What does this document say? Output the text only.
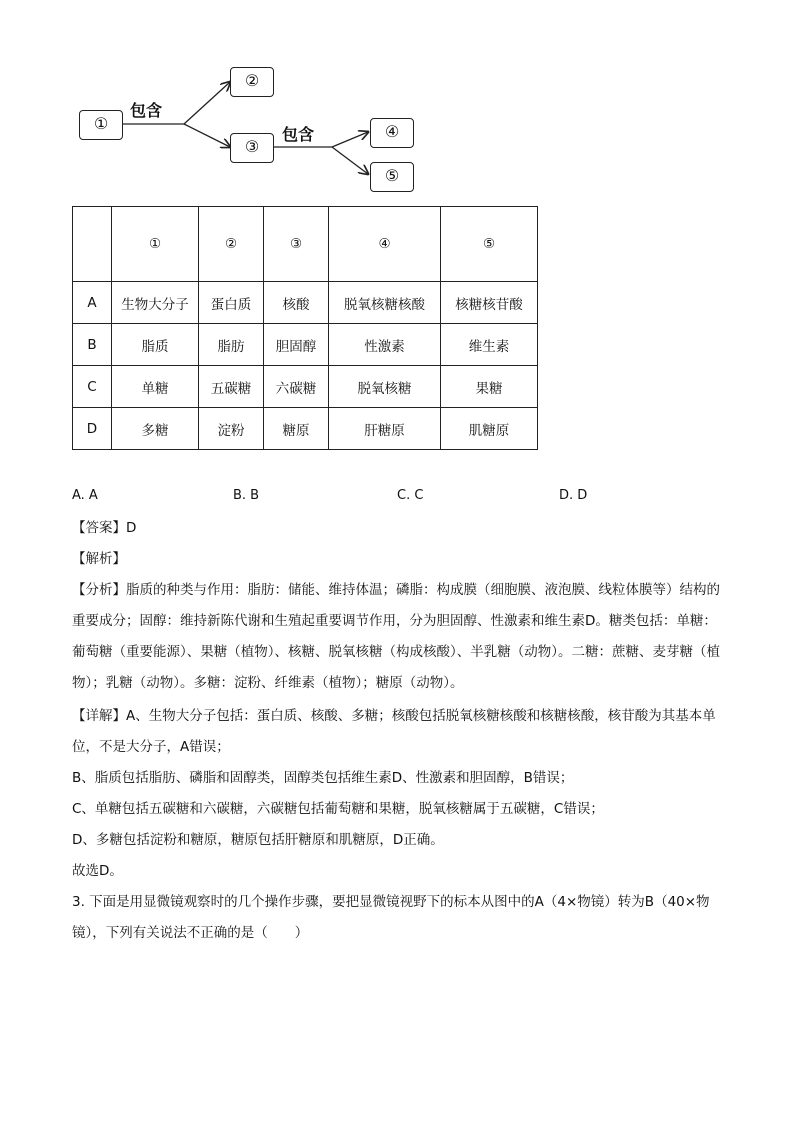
①
②
③
④
⑤
包含
包含
	①	②	③	④	⑤
A	生物大分子	蛋白质	核酸	脱氧核糖核酸	核糖核苷酸
B	脂质	脂肪	胆固醇	性激素	维生素
C	单糖	五碳糖	六碳糖	脱氧核糖	果糖
D	多糖	淀粉	糖原	肝糖原	肌糖原
A. A	B. B	C. C	D. D
【答案】D
【解析】
【分析】脂质的种类与作用：脂肪：储能、维持体温；磷脂：构成膜（细胞膜、液泡膜、线粒体膜等）结构的重要成分；固醇：维持新陈代谢和生殖起重要调节作用，分为胆固醇、性激素和维生素D。糖类包括：单糖：葡萄糖（重要能源）、果糖（植物）、核糖、脱氧核糖（构成核酸）、半乳糖（动物）。二糖：蔗糖、麦芽糖（植物）；乳糖（动物）。多糖：淀粉、纤维素（植物）；糖原（动物）。
【详解】A、生物大分子包括：蛋白质、核酸、多糖；核酸包括脱氧核糖核酸和核糖核酸，核苷酸为其基本单位，不是大分子，A错误；
B、脂质包括脂肪、磷脂和固醇类，固醇类包括维生素D、性激素和胆固醇，B错误；
C、单糖包括五碳糖和六碳糖，六碳糖包括葡萄糖和果糖，脱氧核糖属于五碳糖，C错误；
D、多糖包括淀粉和糖原，糖原包括肝糖原和肌糖原，D正确。
故选D。
3. 下面是用显微镜观察时的几个操作步骤，要把显微镜视野下的标本从图中的A（4×物镜）转为B（40×物镜），下列有关说法不正确的是（　　）
